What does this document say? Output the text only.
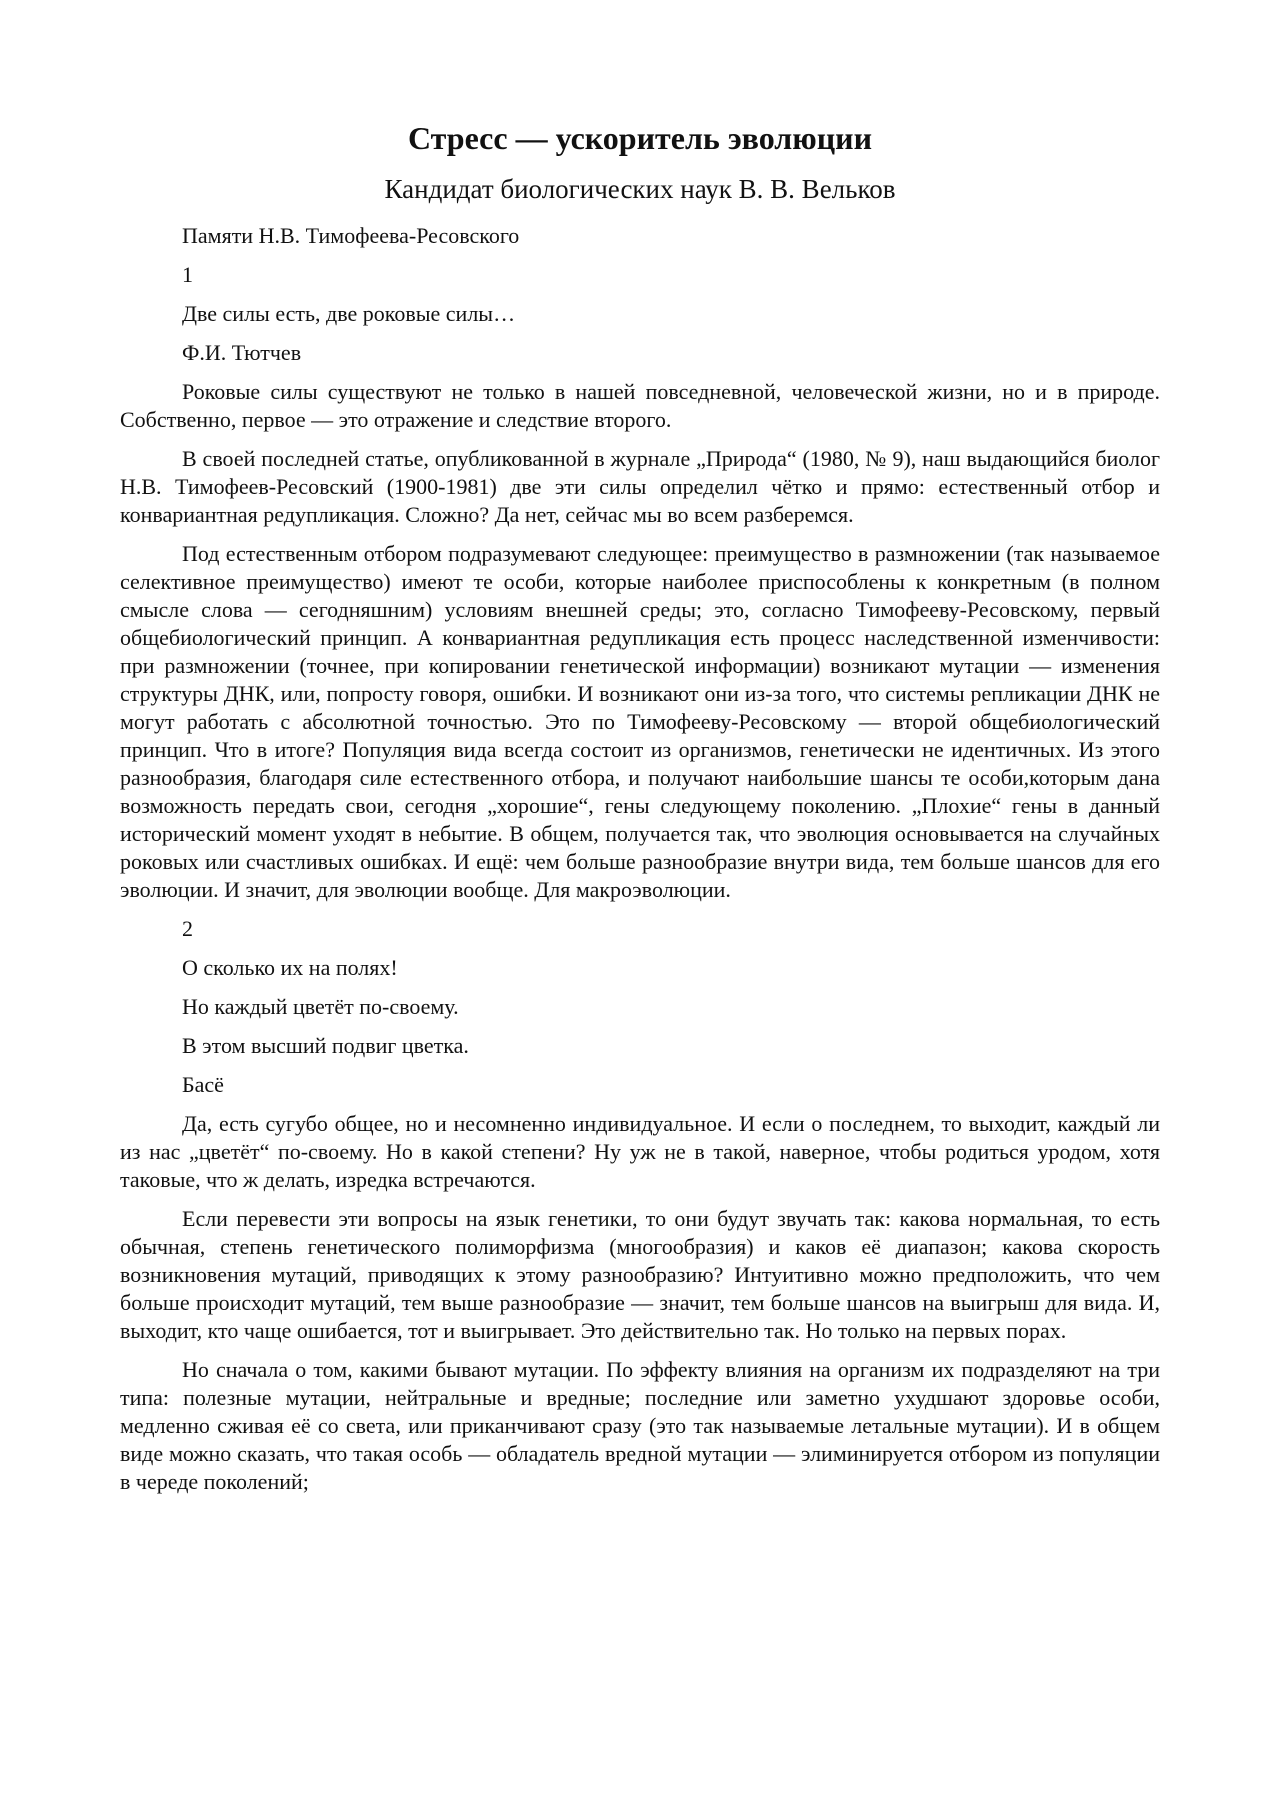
Стресс — ускоритель эволюции
Кандидат биологических наук В. В. Вельков

Памяти Н.В. Тимофеева-Ресовского

1

Две силы есть, две роковые силы…

Ф.И. Тютчев

Роковые силы существуют не только в нашей повседневной, человеческой жизни, но и в природе. Собственно, первое — это отражение и следствие второго.

В своей последней статье, опубликованной в журнале „Природа“ (1980, № 9), наш выдающийся биолог Н.В. Тимофеев-Ресовский (1900-1981) две эти силы определил чётко и прямо: естественный отбор и конвариантная редупликация. Сложно? Да нет, сейчас мы во всем разберемся.

Под естественным отбором подразумевают следующее: преимущество в размножении (так называемое селективное преимущество) имеют те особи, которые наиболее приспособлены к конкретным (в полном смысле слова — сегодняшним) условиям внешней среды; это, согласно Тимофееву-Ресовскому, первый общебиологический принцип. А конвариантная редупликация есть процесс наследственной изменчивости: при размножении (точнее, при копировании генетической информации) возникают мутации — изменения структуры ДНК, или, попросту говоря, ошибки. И возникают они из-за того, что системы репликации ДНК не могут работать с абсолютной точностью. Это по Тимофееву-Ресовскому — второй общебиологический принцип. Что в итоге? Популяция вида всегда состоит из организмов, генетически не идентичных. Из этого разнообразия, благодаря силе естественного отбора, и получают наибольшие шансы те особи,которым дана возможность передать свои, сегодня „хорошие“, гены следующему поколению. „Плохие“ гены в данный исторический момент уходят в небытие. В общем, получается так, что эволюция основывается на случайных роковых или счастливых ошибках. И ещё: чем больше разнообразие внутри вида, тем больше шансов для его эволюции. И значит, для эволюции вообще. Для макроэволюции.

2

О сколько их на полях!

Но каждый цветёт по-своему.

В этом высший подвиг цветка.

Басё

Да, есть сугубо общее, но и несомненно индивидуальное. И если о последнем, то выходит, каждый ли из нас „цветёт“ по-своему. Но в какой степени? Ну уж не в такой, наверное, чтобы родиться уродом, хотя таковые, что ж делать, изредка встречаются.

Если перевести эти вопросы на язык генетики, то они будут звучать так: какова нормальная, то есть обычная, степень генетического полиморфизма (многообразия) и каков её диапазон; какова скорость возникновения мутаций, приводящих к этому разнообразию? Интуитивно можно предположить, что чем больше происходит мутаций, тем выше разнообразие — значит, тем больше шансов на выигрыш для вида. И, выходит, кто чаще ошибается, тот и выигрывает. Это действительно так. Но только на первых порах.

Но сначала о том, какими бывают мутации. По эффекту влияния на организм их подразделяют на три типа: полезные мутации, нейтральные и вредные; последние или заметно ухудшают здоровье особи, медленно сживая её со света, или приканчивают сразу (это так называемые летальные мутации). И в общем виде можно сказать, что такая особь — обладатель вредной мутации — элиминируется отбором из популяции в череде поколений;
